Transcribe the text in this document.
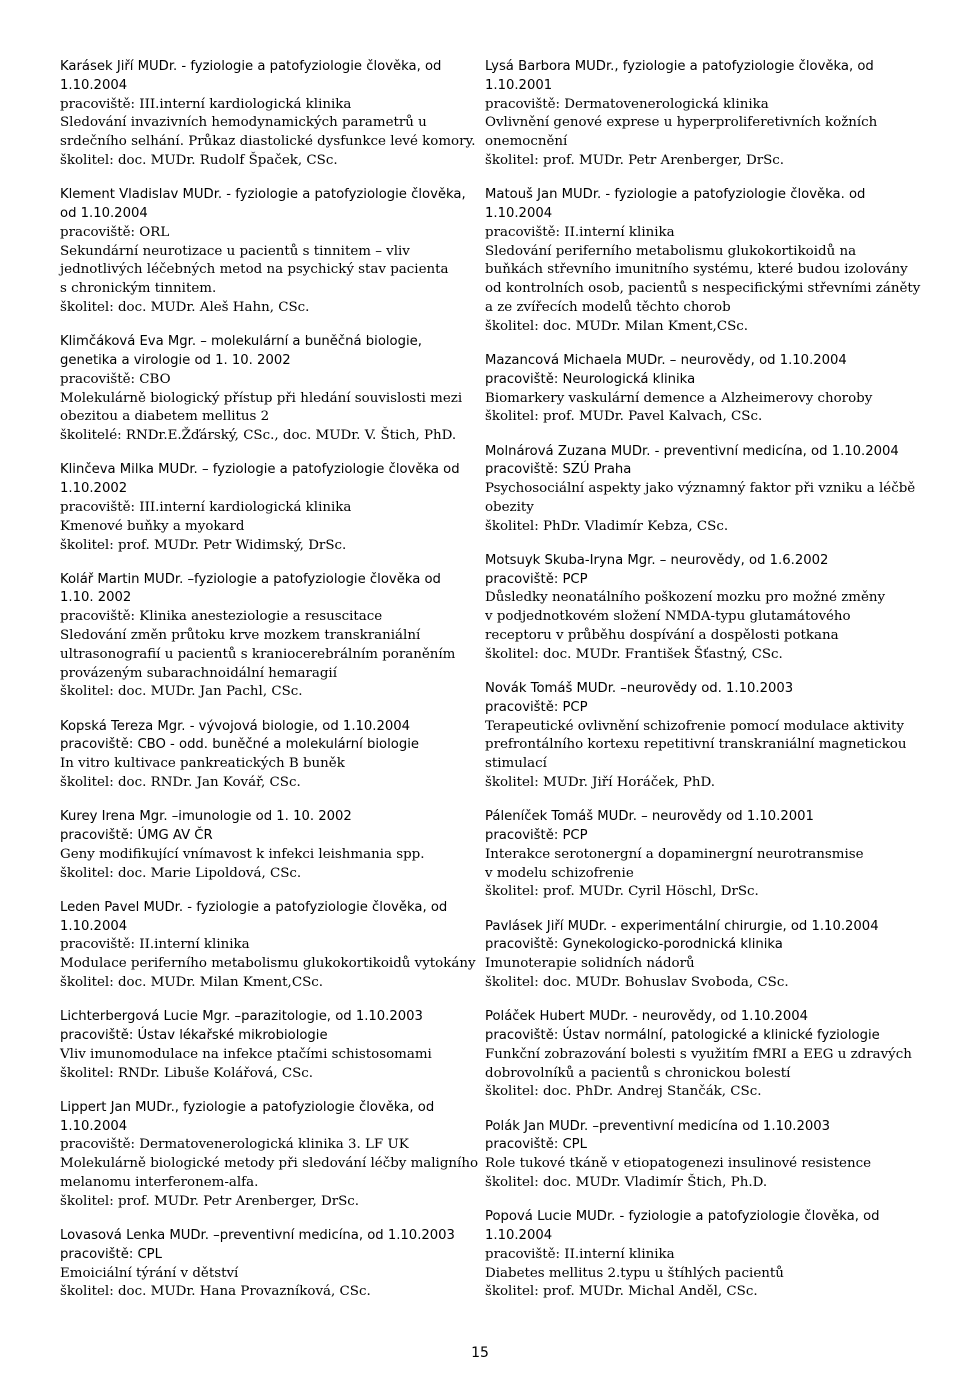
Karásek Jiří MUDr. - fyziologie a patofyziologie člověka, od
1.10.2004
pracoviště: III.interní kardiologická klinika
Sledování invazivních hemodynamických parametrů u
srdečního selhání. Průkaz diastolické dysfunkce levé komory.
školitel: doc. MUDr. Rudolf Špaček, CSc.
Klement Vladislav MUDr. - fyziologie a patofyziologie člověka,
od 1.10.2004
pracoviště: ORL
Sekundární neurotizace u pacientů s tinnitem – vliv
jednotlivých léčebných metod na psychický stav pacienta
s chronickým tinnitem.
školitel: doc. MUDr. Aleš Hahn, CSc.
Klimčáková Eva Mgr. – molekulární a buněčná biologie,
genetika a virologie od 1. 10. 2002
pracoviště: CBO
Molekulárně biologický přístup při hledání souvislosti mezi
obezitou a diabetem mellitus 2
školitelé: RNDr.E.Žďárský, CSc., doc. MUDr. V. Štich, PhD.
Klinčeva Milka MUDr. – fyziologie a patofyziologie člověka od
1.10.2002
pracoviště: III.interní kardiologická klinika
Kmenové buňky a myokard
školitel: prof. MUDr. Petr Widimský, DrSc.
Kolář Martin MUDr. –fyziologie a patofyziologie člověka od
1.10. 2002
pracoviště: Klinika anesteziologie a resuscitace
Sledování změn průtoku krve mozkem transkraniální
ultrasonografií u pacientů s kraniocerebrálním poraněním
provázeným subarachnoidální hemaragií
školitel: doc. MUDr. Jan Pachl, CSc.
Kopská Tereza Mgr. - vývojová biologie, od 1.10.2004
pracoviště: CBO - odd. buněčné a molekulární biologie
In vitro kultivace pankreatických B buněk
školitel: doc. RNDr. Jan Kovář, CSc.
Kurey Irena Mgr. –imunologie od 1. 10. 2002
pracoviště: ÚMG AV ČR
Geny modifikující vnímavost k infekci leishmania spp.
školitel: doc. Marie Lipoldová, CSc.
Leden Pavel MUDr. - fyziologie a patofyziologie člověka, od
1.10.2004
pracoviště: II.interní klinika
Modulace periferního metabolismu glukokortikoidů vytokány
školitel: doc. MUDr. Milan Kment,CSc.
Lichterbergová Lucie Mgr. –parazitologie, od 1.10.2003
pracoviště: Ústav lékařské mikrobiologie
Vliv imunomodulace na infekce ptačími schistosomami
školitel: RNDr. Libuše Kolářová, CSc.
Lippert Jan MUDr., fyziologie a patofyziologie člověka, od
1.10.2004
pracoviště: Dermatovenerologická klinika 3. LF UK
Molekulárně biologické metody při sledování léčby maligního
melanomu interferonem-alfa.
školitel: prof. MUDr. Petr Arenberger, DrSc.
Lovasová Lenka MUDr. –preventivní medicína, od 1.10.2003
pracoviště: CPL
Emoiciální týrání v dětství
školitel: doc. MUDr. Hana Provazníková, CSc.
Lysá Barbora MUDr., fyziologie a patofyziologie člověka, od
1.10.2001
pracoviště: Dermatovenerologická klinika
Ovlivnění genové exprese u hyperproliferetivních kožních
onemocnění
školitel: prof. MUDr. Petr Arenberger, DrSc.
Matouš Jan MUDr. - fyziologie a patofyziologie člověka. od
1.10.2004
pracoviště: II.interní klinika
Sledování periferního metabolismu glukokortikoidů na
buňkách střevního imunitního systému, které budou izolovány
od kontrolních osob, pacientů s nespecifickými střevními záněty
a ze zvířecích modelů těchto chorob
školitel: doc. MUDr. Milan Kment,CSc.
Mazancová Michaela MUDr. – neurovědy, od 1.10.2004
pracoviště: Neurologická klinika
Biomarkery vaskulární demence a Alzheimerovy choroby
školitel: prof. MUDr. Pavel Kalvach, CSc.
Molnárová Zuzana MUDr. - preventivní medicína, od 1.10.2004
pracoviště: SZÚ Praha
Psychosociální aspekty jako významný faktor při vzniku a léčbě
obezity
školitel: PhDr. Vladimír Kebza, CSc.
Motsuyk Skuba-Iryna Mgr. – neurovědy, od 1.6.2002
pracoviště: PCP
Důsledky neonatálního poškození mozku pro možné změny
v podjednotkovém složení NMDA-typu glutamátového
receptoru v průběhu dospívání a dospělosti potkana
školitel: doc. MUDr. František Šťastný, CSc.
Novák Tomáš MUDr. –neurovědy od. 1.10.2003
pracoviště: PCP
Terapeutické ovlivnění schizofrenie pomocí modulace aktivity
prefrontálního kortexu repetitivní transkraniální magnetickou
stimulací
školitel: MUDr. Jiří Horáček, PhD.
Páleníček Tomáš MUDr. – neurovědy od 1.10.2001
pracoviště: PCP
Interakce serotonergní a dopaminergní neurotransmise
v modelu schizofrenie
školitel: prof. MUDr. Cyril Höschl, DrSc.
Pavlásek Jiří MUDr. - experimentální chirurgie, od 1.10.2004
pracoviště: Gynekologicko-porodnická klinika
Imunoterapie solidních nádorů
školitel: doc. MUDr. Bohuslav Svoboda, CSc.
Poláček Hubert MUDr. - neurovědy, od 1.10.2004
pracoviště: Ústav normální, patologické a klinické fyziologie
Funkční zobrazování bolesti s využitím fMRI a EEG u zdravých
dobrovolníků a pacientů s chronickou bolestí
školitel: doc. PhDr. Andrej Stančák, CSc.
Polák Jan MUDr. –preventivní medicína od 1.10.2003
pracoviště: CPL
Role tukové tkáně v etiopatogenezi insulinové resistence
školitel: doc. MUDr. Vladimír Štich, Ph.D.
Popová Lucie MUDr. - fyziologie a patofyziologie člověka, od
1.10.2004
pracoviště: II.interní klinika
Diabetes mellitus 2.typu u štíhlých pacientů
školitel: prof. MUDr. Michal Anděl, CSc.
15
